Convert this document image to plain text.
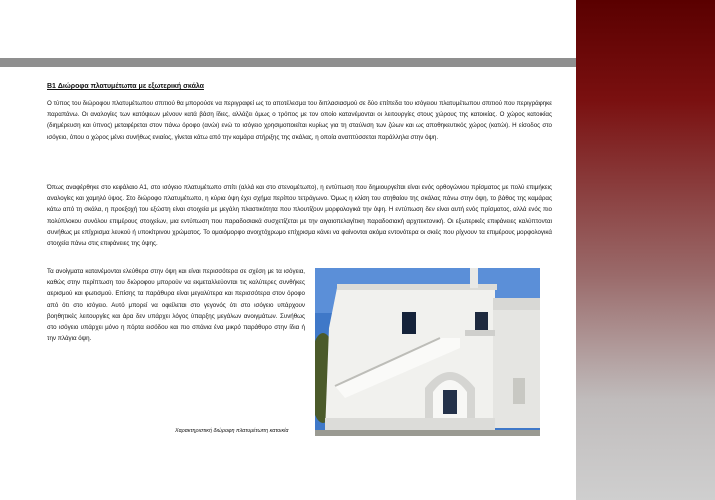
B1 Διώροφα πλατυμέτωπα με εξωτερική σκάλα

Ο τύπος του διώροφου πλατυμέτωπου σπιτιού θα μπορούσε να περιγραφεί ως το αποτέλεσμα του διπλασιασμού σε δύο επίπεδα του ισόγειου πλατυμέτωπου σπιτιού που περιγράφηκε παραπάνω. Οι αναλογίες των κατόψεων μένουν κατά βάση ίδιες, αλλάζει όμως ο τρόπος με τον οποίο κατανέμονται οι λειτουργίες στους χώρους της κατοικίας. Ο χώρος κατοικίας (διημέρευση και ύπνος) μεταφέρεται στον πάνω όροφο (ανώι) ενώ το ισόγειο χρησιμοποιείται κυρίως για τη σταύλιση των ζώων και ως αποθηκευτικός χώρος (κατώι). Η είσοδος στο ισόγειο, όπου ο χώρος μένει συνήθως ενιαίος, γίνεται κάτω από την καμάρα στήριξης της σκάλας, η οποία αναπτύσσεται παράλληλα στην όψη.

Όπως αναφέρθηκε στο κεφάλαιο Α1, στο ισόγειο πλατυμέτωπο σπίτι (αλλά και στο στενομέτωπο), η εντύπωση που δημιουργείται είναι ενός ορθογώνιου πρίσματος με πολύ επιμήκεις αναλογίες και χαμηλό ύψος. Στο διώροφο πλατυμέτωπο, η κύρια όψη έχει σχήμα περίπου τετράγωνο. Όμως η κλίση του στηθαίου της σκάλας πάνω στην όψη, το βάθος της καμάρας κάτω από τη σκάλα, η προεξοχή του εξώστη είναι στοιχεία με μεγάλη πλαστικότητα που πλουτίζουν μορφολογικά την όψη. Η εντύπωση δεν είναι αυτή ενός πρίσματος, αλλά ενός πιο πολύπλοκου συνόλου επιμέρους στοιχείων, μια εντύπωση που παραδοσιακά συσχετίζεται με την αιγαιοπελαγίτικη παραδοσιακή αρχιτεκτονική. Οι εξωτερικές επιφάνειες καλύπτονται συνήθως με επίχρισμα λευκού ή υποκίτρινου χρώματος. Το ομοιόμορφο ανοιχτόχρωμο επίχρισμα κάνει να φαίνονται ακόμα εντονότερα οι σκιές που ρίχνουν τα επιμέρους μορφολογικά στοιχεία πάνω στις επιφάνειες της όψης.

Τα ανοίγματα κατανέμονται ελεύθερα στην όψη και είναι περισσότερα σε σχέση με τα ισόγεια, καθώς στην περίπτωση του διώροφου μπορούν να εκμεταλλεύονται τις καλύτερες συνθήκες αερισμού και φωτισμού. Επίσης τα παράθυρα είναι μεγαλύτερα και περισσότερα στον όροφο από ότι στο ισόγειο. Αυτό μπορεί να οφείλεται στο γεγονός ότι στο ισόγειο υπάρχουν βοηθητικές λειτουργίες και άρα δεν υπάρχει λόγος ύπαρξης μεγάλων ανοιγμάτων. Συνήθως στο ισόγειο υπάρχει μόνο η πόρτα εισόδου και πιο σπάνια ένα μικρό παράθυρο στην ίδια ή την πλάγια όψη.

Χαρακτηριστική διώροφη πλατυμέτωπη κατοικία
